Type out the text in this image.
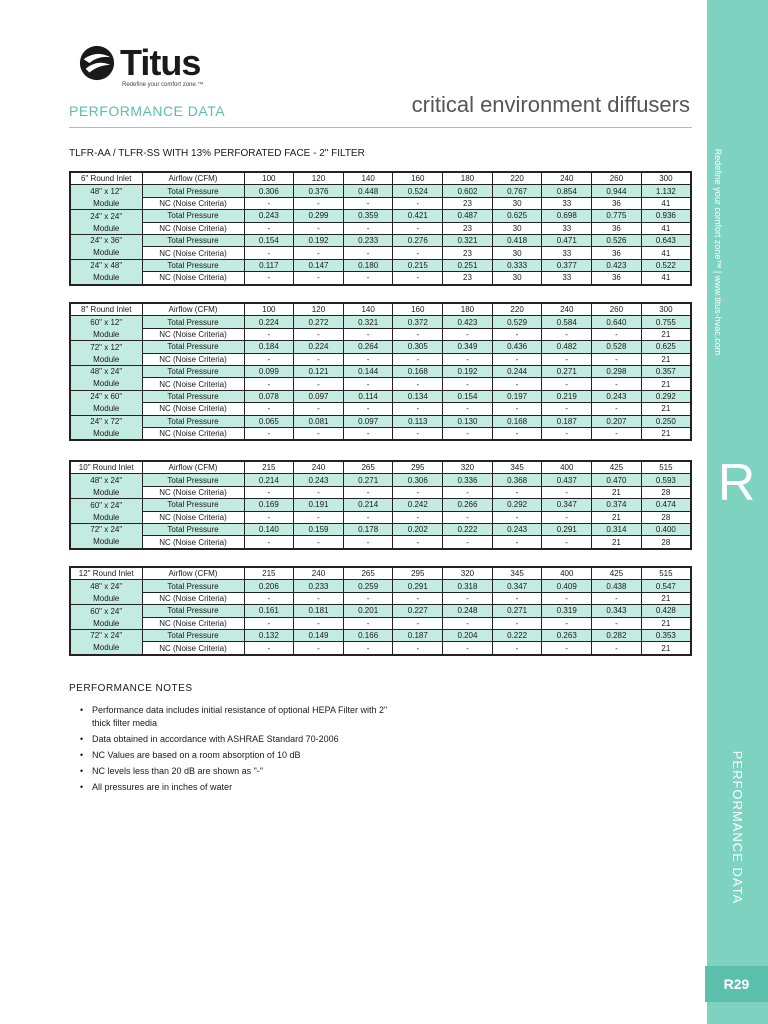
Redefine your comfort zone™ | www.titus-hvac.com
R
PERFORMANCE DATA
R29
Titus
Redefine your comfort zone.™
PERFORMANCE DATA	critical environment diffusers
TLFR-AA / TLFR-SS WITH 13% PERFORATED FACE - 2" FILTER
6" Round Inlet	Airflow (CFM)	100	120	140	160	180	220	240	260	300
48" x 12"	Total Pressure	0.306	0.376	0.448	0.524	0.602	0.767	0.854	0.944	1.132
Module	NC (Noise Criteria)	-	-	-	-	23	30	33	36	41
24" x 24"	Total Pressure	0.243	0.299	0.359	0.421	0.487	0.625	0.698	0.775	0.936
Module	NC (Noise Criteria)	-	-	-	-	23	30	33	36	41
24" x 36"	Total Pressure	0.154	0.192	0.233	0.276	0.321	0.418	0.471	0.526	0.643
Module	NC (Noise Criteria)	-	-	-	-	23	30	33	36	41
24" x 48"	Total Pressure	0.117	0.147	0.180	0.215	0.251	0.333	0.377	0.423	0.522
Module	NC (Noise Criteria)	-	-	-	-	23	30	33	36	41
8" Round Inlet	Airflow (CFM)	100	120	140	160	180	220	240	260	300
60" x 12"	Total Pressure	0.224	0.272	0.321	0.372	0.423	0.529	0.584	0.640	0.755
Module	NC (Noise Criteria)	-	-	-	-	-	-	-	-	21
72" x 12"	Total Pressure	0.184	0.224	0.264	0.305	0.349	0.436	0.482	0.528	0.625
Module	NC (Noise Criteria)	-	-	-	-	-	-	-	-	21
48" x 24"	Total Pressure	0.099	0.121	0.144	0.168	0.192	0.244	0.271	0.298	0.357
Module	NC (Noise Criteria)	-	-	-	-	-	-	-	-	21
24" x 60"	Total Pressure	0.078	0.097	0.114	0.134	0.154	0.197	0.219	0.243	0.292
Module	NC (Noise Criteria)	-	-	-	-	-	-	-	-	21
24" x 72"	Total Pressure	0.065	0.081	0.097	0.113	0.130	0.168	0.187	0.207	0.250
Module	NC (Noise Criteria)	-	-	-	-	-	-	-	-	21
10" Round Inlet	Airflow (CFM)	215	240	265	295	320	345	400	425	515
48" x 24"	Total Pressure	0.214	0.243	0.271	0.306	0.336	0.368	0.437	0.470	0.593
Module	NC (Noise Criteria)	-	-	-	-	-	-	-	21	28
60" x 24"	Total Pressure	0.169	0.191	0.214	0.242	0.266	0.292	0.347	0.374	0.474
Module	NC (Noise Criteria)	-	-	-	-	-	-	-	21	28
72" x 24"	Total Pressure	0.140	0.159	0.178	0.202	0.222	0.243	0.291	0.314	0.400
Module	NC (Noise Criteria)	-	-	-	-	-	-	-	21	28
12" Round Inlet	Airflow (CFM)	215	240	265	295	320	345	400	425	515
48" x 24"	Total Pressure	0.206	0.233	0.259	0.291	0.318	0.347	0.409	0.438	0.547
Module	NC (Noise Criteria)	-	-	-	-	-	-	-	-	21
60" x 24"	Total Pressure	0.161	0.181	0.201	0.227	0.248	0.271	0.319	0.343	0.428
Module	NC (Noise Criteria)	-	-	-	-	-	-	-	-	21
72" x 24"	Total Pressure	0.132	0.149	0.166	0.187	0.204	0.222	0.263	0.282	0.353
Module	NC (Noise Criteria)	-	-	-	-	-	-	-	-	21
PERFORMANCE NOTES
• Performance data includes initial resistance of optional HEPA Filter with 2" thick filter media
• Data obtained in accordance with ASHRAE Standard 70-2006
• NC Values are based on a room absorption of 10 dB
• NC levels less than 20 dB are shown as "-"
• All pressures are in inches of water
